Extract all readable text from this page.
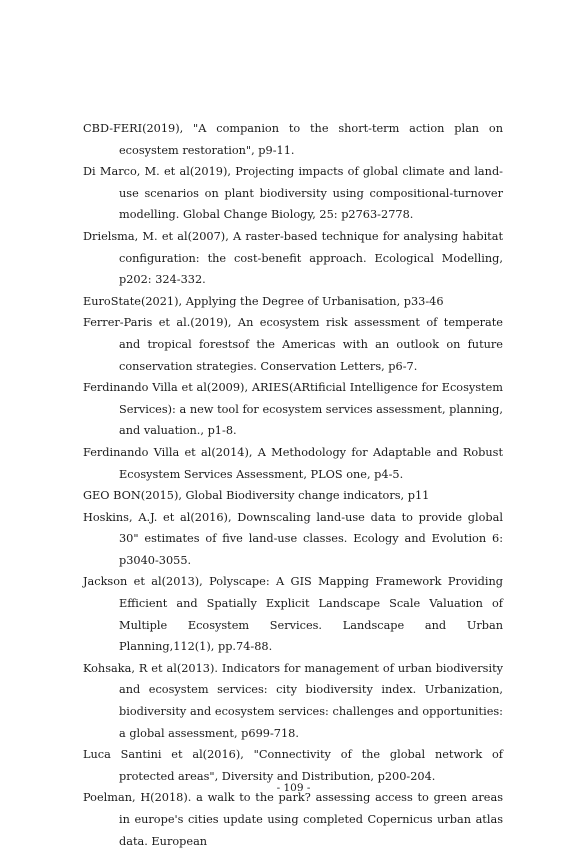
CBD-FERI(2019), "A companion to the short-term action plan on ecosystem restoration", p9-11.
Di Marco, M. et al(2019), Projecting impacts of global climate and land-use scenarios on plant biodiversity using compositional-turnover modelling. Global Change Biology, 25: p2763-2778.
Drielsma, M. et al(2007), A raster-based technique for analysing habitat configuration: the cost-benefit approach. Ecological Modelling, p202: 324-332.
EuroState(2021), Applying the Degree of Urbanisation, p33-46
Ferrer-Paris et al.(2019), An ecosystem risk assessment of temperate and tropical forestsof the Americas with an outlook on future conservation strategies. Conservation Letters, p6-7.
Ferdinando Villa et al(2009), ARIES(ARtificial Intelligence for Ecosystem Services): a new tool for ecosystem services assessment, planning, and valuation., p1-8.
Ferdinando Villa et al(2014), A Methodology for Adaptable and Robust Ecosystem Services Assessment, PLOS one, p4-5.
GEO BON(2015), Global Biodiversity change indicators, p11
Hoskins, A.J. et al(2016), Downscaling land-use data to provide global 30" estimates of five land-use classes. Ecology and Evolution 6: p3040-3055.
Jackson et al(2013), Polyscape: A GIS Mapping Framework Providing Efficient and Spatially Explicit Landscape Scale Valuation of Multiple Ecosystem Services. Landscape and Urban Planning,112(1), pp.74-88.
Kohsaka, R et al(2013). Indicators for management of urban biodiversity and ecosystem services: city biodiversity index. Urbanization, biodiversity and ecosystem services: challenges and opportunities: a global assessment, p699-718.
Luca Santini et al(2016), "Connectivity of the global network of protected areas", Diversity and Distribution, p200-204.
Poelman, H(2018). a walk to the park? assessing access to green areas in europe's cities update using completed Copernicus urban atlas data. European
- 109 -
